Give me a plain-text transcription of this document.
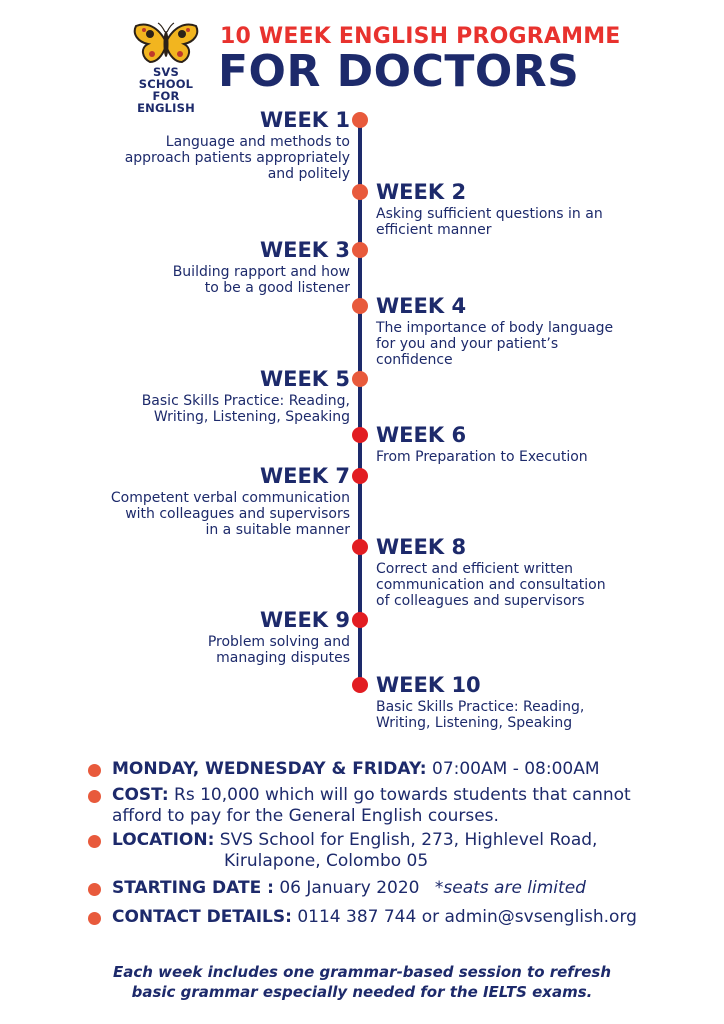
SVS SCHOOL
FOR ENGLISH
10 WEEK ENGLISH PROGRAMME
FOR DOCTORS
WEEK 1
Language and methods to
approach patients appropriately
and politely
WEEK 2
Asking sufficient questions in an
efficient manner
WEEK 3
Building rapport and how
to be a good listener
WEEK 4
The importance of body language
for you and your patient’s
confidence
WEEK 5
Basic Skills Practice: Reading,
Writing, Listening, Speaking
WEEK 6
From Preparation to Execution
WEEK 7
Competent verbal communication
with colleagues and supervisors
in a suitable manner
WEEK 8
Correct and efficient written
communication and consultation
of colleagues and supervisors
WEEK 9
Problem solving and
managing disputes
WEEK 10
Basic Skills Practice: Reading,
Writing, Listening, Speaking
MONDAY, WEDNESDAY & FRIDAY: 07:00AM - 08:00AM
COST: Rs 10,000 which will go towards students that cannot
afford to pay for the General English courses.
LOCATION: SVS School for English, 273, Highlevel Road,
Kirulapone, Colombo 05
STARTING DATE : 06 January 2020 *seats are limited
CONTACT DETAILS: 0114 387 744 or admin@svsenglish.org
Each week includes one grammar-based session to refresh
basic grammar especially needed for the IELTS exams.
